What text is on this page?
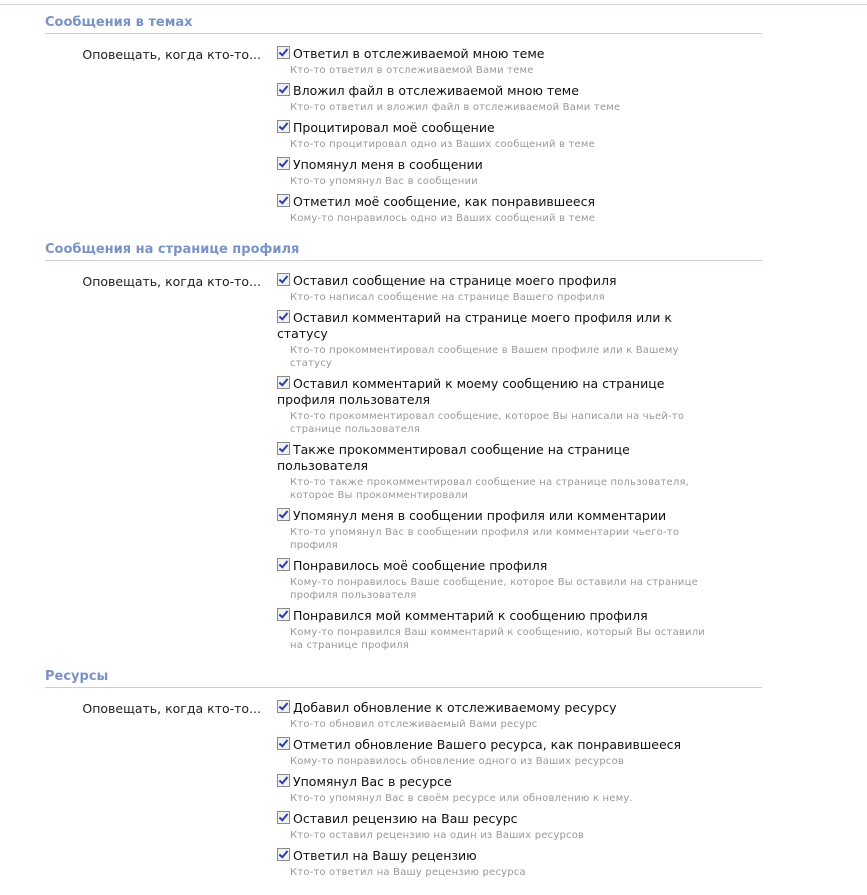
Сообщения в темах
Оповещать, когда кто-то...	Ответил в отслеживаемой мною теме
Кто-то ответил в отслеживаемой Вами теме
Вложил файл в отслеживаемой мною теме
Кто-то ответил и вложил файл в отслеживаемой Вами теме
Процитировал моё сообщение
Кто-то процитировал одно из Ваших сообщений в теме
Упомянул меня в сообщении
Кто-то упомянул Вас в сообщении
Отметил моё сообщение, как понравившееся
Кому-то понравилось одно из Ваших сообщений в теме
Сообщения на странице профиля
Оповещать, когда кто-то...	Оставил сообщение на странице моего профиля
Кто-то написал сообщение на странице Вашего профиля
Оставил комментарий на странице моего профиля или к статусу
Кто-то прокомментировал сообщение в Вашем профиле или к Вашему статусу
Оставил комментарий к моему сообщению на странице профиля пользователя
Кто-то прокомментировал сообщение, которое Вы написали на чьей-то странице пользователя
Также прокомментировал сообщение на странице пользователя
Кто-то также прокомментировал сообщение на странице пользователя, которое Вы прокомментировали
Упомянул меня в сообщении профиля или комментарии
Кто-то упомянул Вас в сообщении профиля или комментарии чьего-то профиля
Понравилось моё сообщение профиля
Кому-то понравилось Ваше сообщение, которое Вы оставили на странице профиля пользователя
Понравился мой комментарий к сообщению профиля
Кому-то понравился Ваш комментарий к сообщению, который Вы оставили на странице профиля
Ресурсы
Оповещать, когда кто-то...	Добавил обновление к отслеживаемому ресурсу
Кто-то обновил отслеживаемый Вами ресурс
Отметил обновление Вашего ресурса, как понравившееся
Кому-то понравилось обновление одного из Ваших ресурсов
Упомянул Вас в ресурсе
Кто-то упомянул Вас в своём ресурсе или обновлению к нему.
Оставил рецензию на Ваш ресурс
Кто-то оставил рецензию на один из Ваших ресурсов
Ответил на Вашу рецензию
Кто-то ответил на Вашу рецензию ресурса
